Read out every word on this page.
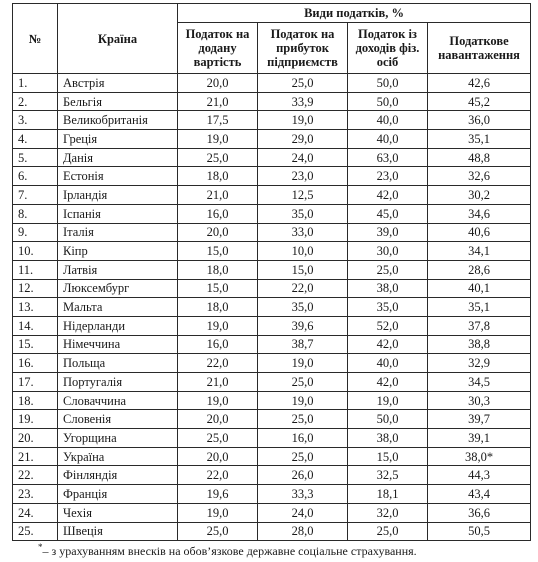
№	Країна	Види податків, %			
		Податок на додану вартість	Податок на прибуток підприємств	Податок із доходів фіз. осіб	Податкове навантаження
1.	Австрія	20,0	25,0	50,0	42,6
2.	Бельгія	21,0	33,9	50,0	45,2
3.	Великобританія	17,5	19,0	40,0	36,0
4.	Греція	19,0	29,0	40,0	35,1
5.	Данія	25,0	24,0	63,0	48,8
6.	Естонія	18,0	23,0	23,0	32,6
7.	Ірландія	21,0	12,5	42,0	30,2
8.	Іспанія	16,0	35,0	45,0	34,6
9.	Італія	20,0	33,0	39,0	40,6
10.	Кіпр	15,0	10,0	30,0	34,1
11.	Латвія	18,0	15,0	25,0	28,6
12.	Люксембург	15,0	22,0	38,0	40,1
13.	Мальта	18,0	35,0	35,0	35,1
14.	Нідерланди	19,0	39,6	52,0	37,8
15.	Німеччина	16,0	38,7	42,0	38,8
16.	Польща	22,0	19,0	40,0	32,9
17.	Португалія	21,0	25,0	42,0	34,5
18.	Словаччина	19,0	19,0	19,0	30,3
19.	Словенія	20,0	25,0	50,0	39,7
20.	Угорщина	25,0	16,0	38,0	39,1
21.	Україна	20,0	25,0	15,0	38,0*
22.	Фінляндія	22,0	26,0	32,5	44,3
23.	Франція	19,6	33,3	18,1	43,4
24.	Чехія	19,0	24,0	32,0	36,6
25.	Швеція	25,0	28,0	25,0	50,5
*– з урахуванням внесків на обов’язкове державне соціальне страхування.
